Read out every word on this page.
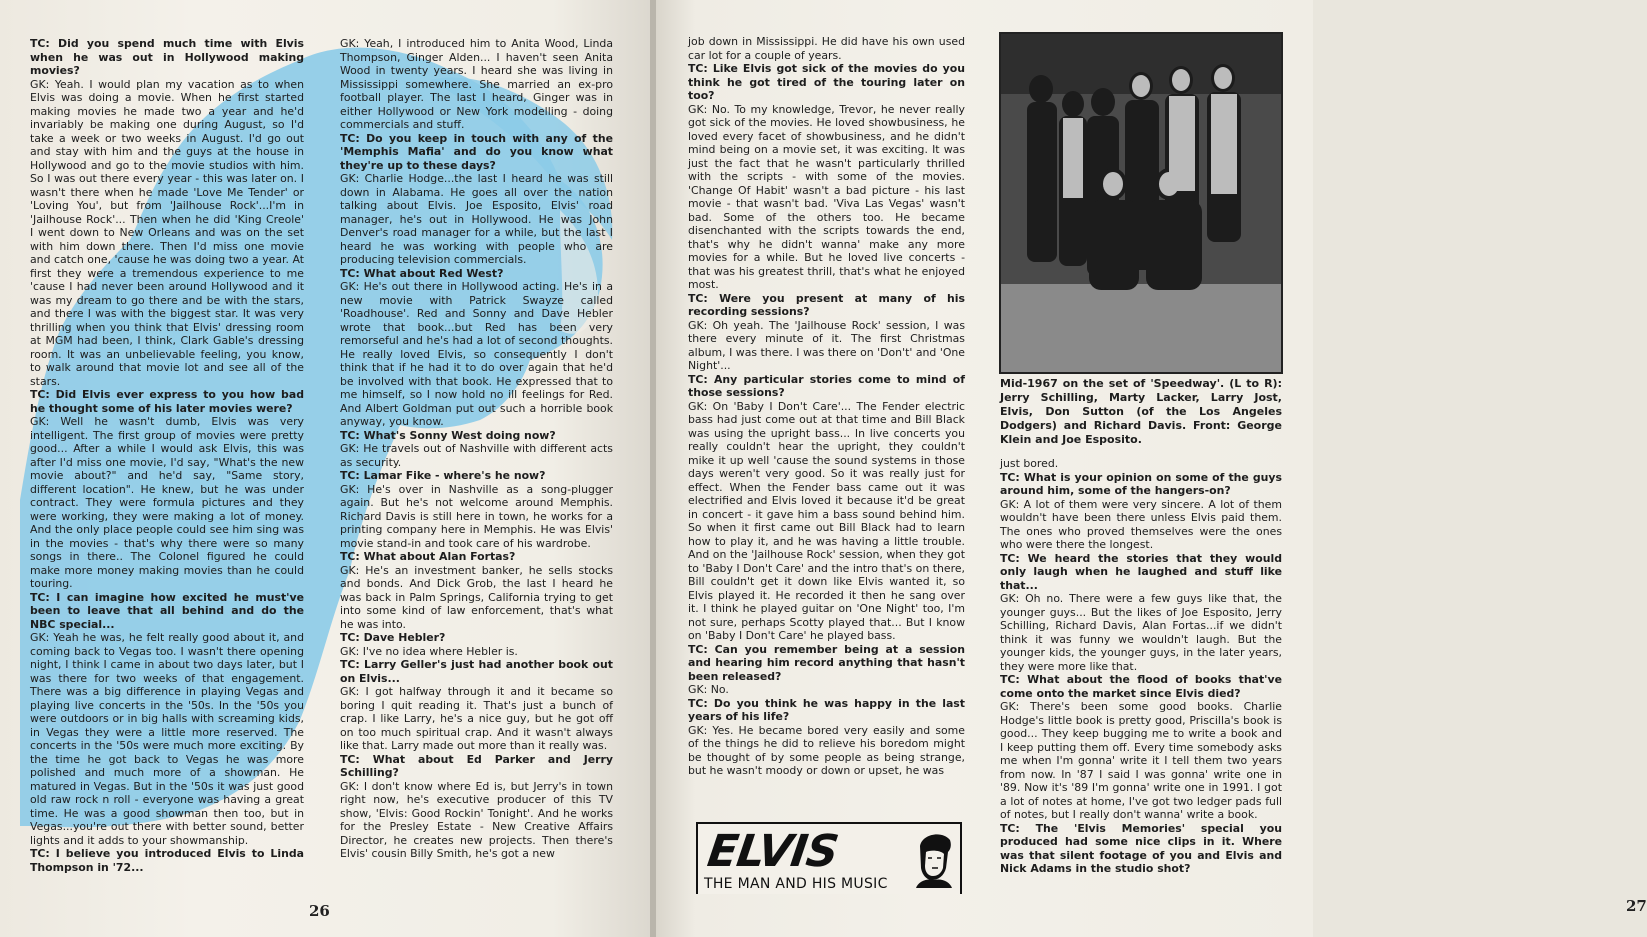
TC: Did you spend much time with Elvis when he was out in Hollywood making movies?

GK: Yeah. I would plan my vacation as to when Elvis was doing a movie. When he first started making movies he made two a year and he'd invariably be making one during August, so I'd take a week or two weeks in August. I'd go out and stay with him and the guys at the house in Hollywood and go to the movie studios with him. So I was out there every year - this was later on. I wasn't there when he made 'Love Me Tender' or 'Loving You', but from 'Jailhouse Rock'...I'm in 'Jailhouse Rock'... Then when he did 'King Creole' I went down to New Orleans and was on the set with him down there. Then I'd miss one movie and catch one, 'cause he was doing two a year. At first they were a tremendous experience to me 'cause I had never been around Hollywood and it was my dream to go there and be with the stars, and there I was with the biggest star. It was very thrilling when you think that Elvis' dressing room at MGM had been, I think, Clark Gable's dressing room. It was an unbelievable feeling, you know, to walk around that movie lot and see all of the stars.

TC: Did Elvis ever express to you how bad he thought some of his later movies were?

GK: Well he wasn't dumb, Elvis was very intelligent. The first group of movies were pretty good... After a while I would ask Elvis, this was after I'd miss one movie, I'd say, "What's the new movie about?" and he'd say, "Same story, different location". He knew, but he was under contract. They were formula pictures and they were working, they were making a lot of money. And the only place people could see him sing was in the movies - that's why there were so many songs in there.. The Colonel figured he could make more money making movies than he could touring.

TC: I can imagine how excited he must've been to leave that all behind and do the NBC special...

GK: Yeah he was, he felt really good about it, and coming back to Vegas too. I wasn't there opening night, I think I came in about two days later, but I was there for two weeks of that engagement. There was a big difference in playing Vegas and playing live concerts in the '50s. In the '50s you were outdoors or in big halls with screaming kids, in Vegas they were a little more reserved. The concerts in the '50s were much more exciting. By the time he got back to Vegas he was more polished and much more of a showman. He matured in Vegas. But in the '50s it was just good old raw rock n roll - everyone was having a great time. He was a good showman then too, but in Vegas...you're out there with better sound, better lights and it adds to your showmanship.

TC: I believe you introduced Elvis to Linda Thompson in '72...

GK: Yeah, I introduced him to Anita Wood, Linda Thompson, Ginger Alden... I haven't seen Anita Wood in twenty years. I heard she was living in Mississippi somewhere. She married an ex-pro football player. The last I heard, Ginger was in either Hollywood or New York modelling - doing commercials and stuff.

TC: Do you keep in touch with any of the 'Memphis Mafia' and do you know what they're up to these days?

GK: Charlie Hodge...the last I heard he was still down in Alabama. He goes all over the nation talking about Elvis. Joe Esposito, Elvis' road manager, he's out in Hollywood. He was John Denver's road manager for a while, but the last I heard he was working with people who are producing television commercials.

TC: What about Red West?

GK: He's out there in Hollywood acting. He's in a new movie with Patrick Swayze called 'Roadhouse'. Red and Sonny and Dave Hebler wrote that book...but Red has been very remorseful and he's had a lot of second thoughts. He really loved Elvis, so consequently I don't think that if he had it to do over again that he'd be involved with that book. He expressed that to me himself, so I now hold no ill feelings for Red. And Albert Goldman put out such a horrible book anyway, you know.

TC: What's Sonny West doing now?

GK: He travels out of Nashville with different acts as security.

TC: Lamar Fike - where's he now?

GK: He's over in Nashville as a song-plugger again. But he's not welcome around Memphis. Richard Davis is still here in town, he works for a printing company here in Memphis. He was Elvis' movie stand-in and took care of his wardrobe.

TC: What about Alan Fortas?

GK: He's an investment banker, he sells stocks and bonds. And Dick Grob, the last I heard he was back in Palm Springs, California trying to get into some kind of law enforcement, that's what he was into.

TC: Dave Hebler?

GK: I've no idea where Hebler is.

TC: Larry Geller's just had another book out on Elvis...

GK: I got halfway through it and it became so boring I quit reading it. That's just a bunch of crap. I like Larry, he's a nice guy, but he got off on too much spiritual crap. And it wasn't always like that. Larry made out more than it really was.

TC: What about Ed Parker and Jerry Schilling?

GK: I don't know where Ed is, but Jerry's in town right now, he's executive producer of this TV show, 'Elvis: Good Rockin' Tonight'. And he works for the Presley Estate - New Creative Affairs Director, he creates new projects. Then there's Elvis' cousin Billy Smith, he's got a new

26

job down in Mississippi. He did have his own used car lot for a couple of years.

TC: Like Elvis got sick of the movies do you think he got tired of the touring later on too?

GK: No. To my knowledge, Trevor, he never really got sick of the movies. He loved showbusiness, he loved every facet of showbusiness, and he didn't mind being on a movie set, it was exciting. It was just the fact that he wasn't particularly thrilled with the scripts - with some of the movies. 'Change Of Habit' wasn't a bad picture - his last movie - that wasn't bad. 'Viva Las Vegas' wasn't bad. Some of the others too. He became disenchanted with the scripts towards the end, that's why he didn't wanna' make any more movies for a while. But he loved live concerts - that was his greatest thrill, that's what he enjoyed most.

TC: Were you present at many of his recording sessions?

GK: Oh yeah. The 'Jailhouse Rock' session, I was there every minute of it. The first Christmas album, I was there. I was there on 'Don't' and 'One Night'...

TC: Any particular stories come to mind of those sessions?

GK: On 'Baby I Don't Care'... The Fender electric bass had just come out at that time and Bill Black was using the upright bass... In live concerts you really couldn't hear the upright, they couldn't mike it up well 'cause the sound systems in those days weren't very good. So it was really just for effect. When the Fender bass came out it was electrified and Elvis loved it because it'd be great in concert - it gave him a bass sound behind him. So when it first came out Bill Black had to learn how to play it, and he was having a little trouble. And on the 'Jailhouse Rock' session, when they got to 'Baby I Don't Care' and the intro that's on there, Bill couldn't get it down like Elvis wanted it, so Elvis played it. He recorded it then he sang over it. I think he played guitar on 'One Night' too, I'm not sure, perhaps Scotty played that... But I know on 'Baby I Don't Care' he played bass.

TC: Can you remember being at a session and hearing him record anything that hasn't been released?

GK: No.

TC: Do you think he was happy in the last years of his life?

GK: Yes. He became bored very easily and some of the things he did to relieve his boredom might be thought of by some people as being strange, but he wasn't moody or down or upset, he was

Mid-1967 on the set of 'Speedway'. (L to R): Jerry Schilling, Marty Lacker, Larry Jost, Elvis, Don Sutton (of the Los Angeles Dodgers) and Richard Davis. Front: George Klein and Joe Esposito.

just bored.

TC: What is your opinion on some of the guys around him, some of the hangers-on?

GK: A lot of them were very sincere. A lot of them wouldn't have been there unless Elvis paid them. The ones who proved themselves were the ones who were there the longest.

TC: We heard the stories that they would only laugh when he laughed and stuff like that...

GK: Oh no. There were a few guys like that, the younger guys... But the likes of Joe Esposito, Jerry Schilling, Richard Davis, Alan Fortas...if we didn't think it was funny we wouldn't laugh. But the younger kids, the younger guys, in the later years, they were more like that.

TC: What about the flood of books that've come onto the market since Elvis died?

GK: There's been some good books. Charlie Hodge's little book is pretty good, Priscilla's book is good... They keep bugging me to write a book and I keep putting them off. Every time somebody asks me when I'm gonna' write it I tell them two years from now. In '87 I said I was gonna' write one in '89. Now it's '89 I'm gonna' write one in 1991. I got a lot of notes at home, I've got two ledger pads full of notes, but I really don't wanna' write a book.

TC: The 'Elvis Memories' special you produced had some nice clips in it. Where was that silent footage of you and Elvis and Nick Adams in the studio shot?

ELVIS
THE MAN AND HIS MUSIC
27
